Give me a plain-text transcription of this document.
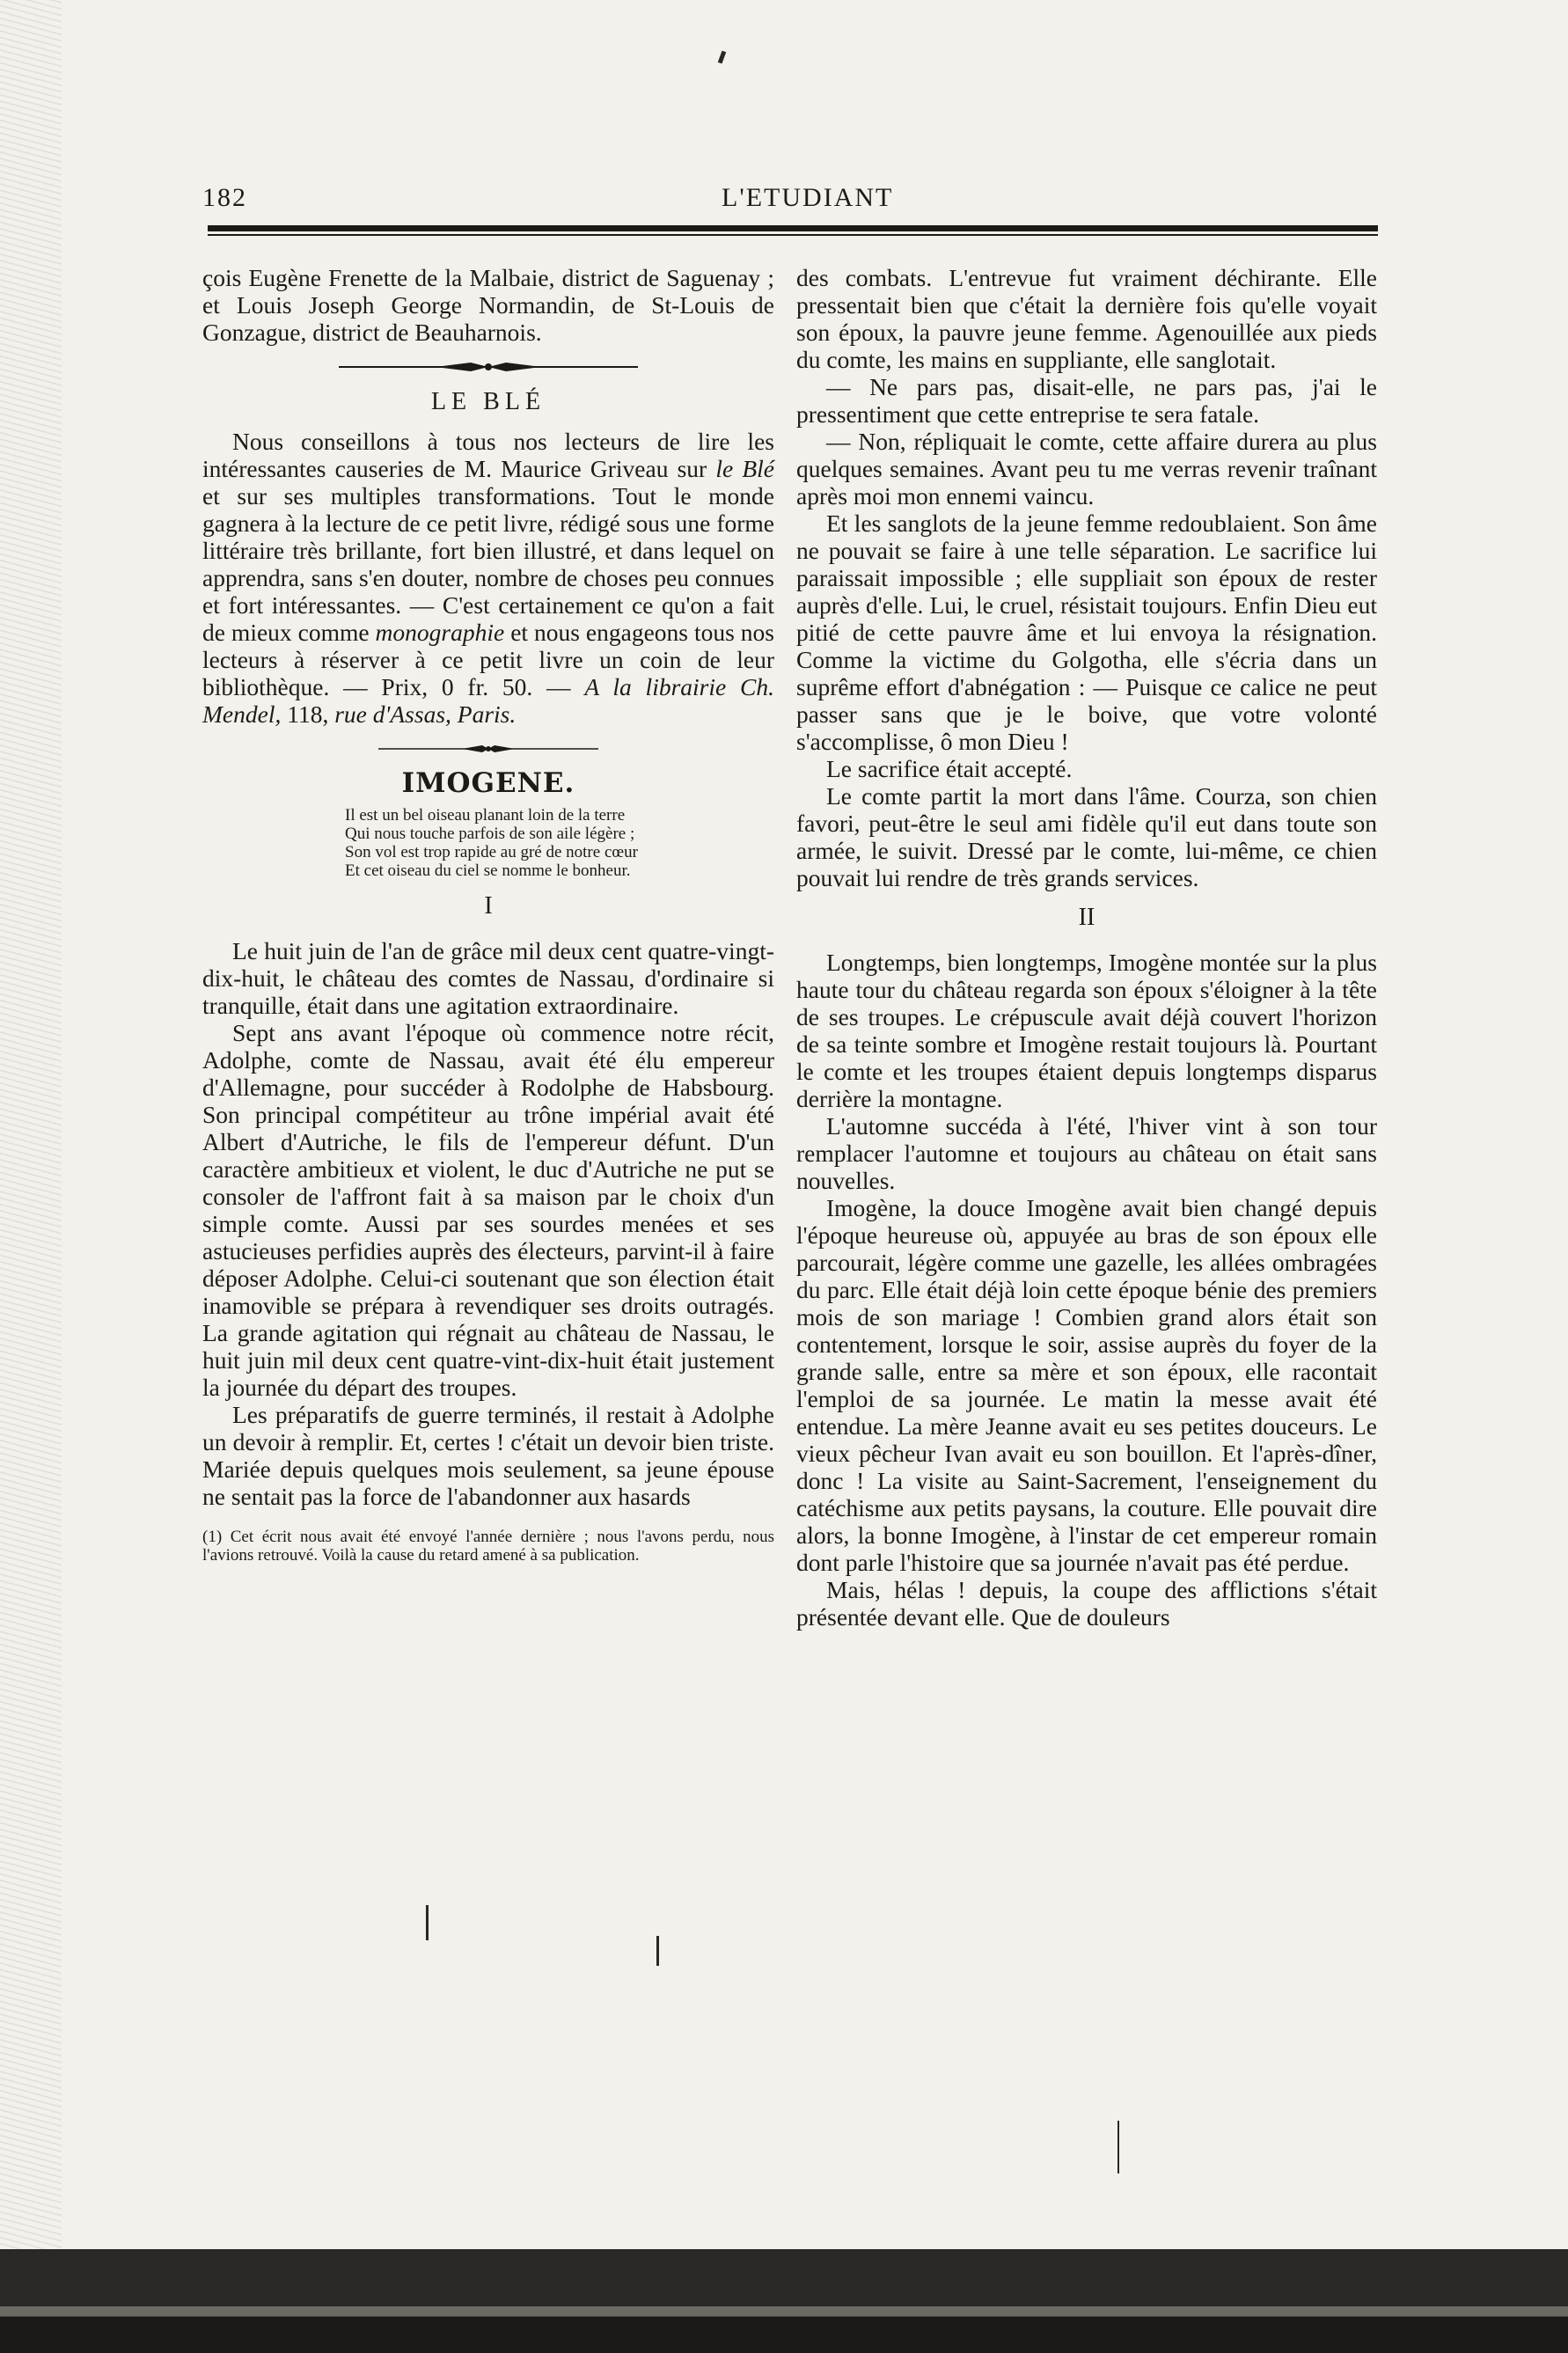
182	L'ETUDIANT

çois Eugène Frenette de la Malbaie, district de Saguenay ; et Louis Joseph George Normandin, de St-Louis de Gonzague, district de Beauharnois.

LE BLÉ

Nous conseillons à tous nos lecteurs de lire les intéressantes causeries de M. Maurice Griveau sur le Blé et sur ses multiples transformations. Tout le monde gagnera à la lecture de ce petit livre, rédigé sous une forme littéraire très brillante, fort bien illustré, et dans lequel on apprendra, sans s'en douter, nombre de choses peu connues et fort intéressantes. — C'est certainement ce qu'on a fait de mieux comme monographie et nous engageons tous nos lecteurs à réserver à ce petit livre un coin de leur bibliothèque. — Prix, 0 fr. 50. — A la librairie Ch. Mendel, 118, rue d'Assas, Paris.

IMOGENE.
Il est un bel oiseau planant loin de la terre
Qui nous touche parfois de son aile légère ;
Son vol est trop rapide au gré de notre cœur
Et cet oiseau du ciel se nomme le bonheur.
I

Le huit juin de l'an de grâce mil deux cent quatre-vingt-dix-huit, le château des comtes de Nassau, d'ordinaire si tranquille, était dans une agitation extraordinaire.

Sept ans avant l'époque où commence notre récit, Adolphe, comte de Nassau, avait été élu empereur d'Allemagne, pour succéder à Rodolphe de Habsbourg. Son principal compétiteur au trône impérial avait été Albert d'Autriche, le fils de l'empereur défunt. D'un caractère ambitieux et violent, le duc d'Autriche ne put se consoler de l'affront fait à sa maison par le choix d'un simple comte. Aussi par ses sourdes menées et ses astucieuses perfidies auprès des électeurs, parvint-il à faire déposer Adolphe. Celui-ci soutenant que son élection était inamovible se prépara à revendiquer ses droits outragés. La grande agitation qui régnait au château de Nassau, le huit juin mil deux cent quatre-vint-dix-huit était justement la journée du départ des troupes.

Les préparatifs de guerre terminés, il restait à Adolphe un devoir à remplir. Et, certes ! c'était un devoir bien triste. Mariée depuis quelques mois seulement, sa jeune épouse ne sentait pas la force de l'abandonner aux hasards

(1) Cet écrit nous avait été envoyé l'année dernière ; nous l'avons perdu, nous l'avions retrouvé. Voilà la cause du retard amené à sa publication.

des combats. L'entrevue fut vraiment déchirante. Elle pressentait bien que c'était la dernière fois qu'elle voyait son époux, la pauvre jeune femme. Agenouillée aux pieds du comte, les mains en suppliante, elle sanglotait.

— Ne pars pas, disait-elle, ne pars pas, j'ai le pressentiment que cette entreprise te sera fatale.

— Non, répliquait le comte, cette affaire durera au plus quelques semaines. Avant peu tu me verras revenir traînant après moi mon ennemi vaincu.

Et les sanglots de la jeune femme redoublaient. Son âme ne pouvait se faire à une telle séparation. Le sacrifice lui paraissait impossible ; elle suppliait son époux de rester auprès d'elle. Lui, le cruel, résistait toujours. Enfin Dieu eut pitié de cette pauvre âme et lui envoya la résignation. Comme la victime du Golgotha, elle s'écria dans un suprême effort d'abnégation : — Puisque ce calice ne peut passer sans que je le boive, que votre volonté s'accomplisse, ô mon Dieu !

Le sacrifice était accepté.

Le comte partit la mort dans l'âme. Courza, son chien favori, peut-être le seul ami fidèle qu'il eut dans toute son armée, le suivit. Dressé par le comte, lui-même, ce chien pouvait lui rendre de très grands services.

II

Longtemps, bien longtemps, Imogène montée sur la plus haute tour du château regarda son époux s'éloigner à la tête de ses troupes. Le crépuscule avait déjà couvert l'horizon de sa teinte sombre et Imogène restait toujours là. Pourtant le comte et les troupes étaient depuis longtemps disparus derrière la montagne.

L'automne succéda à l'été, l'hiver vint à son tour remplacer l'automne et toujours au château on était sans nouvelles.

Imogène, la douce Imogène avait bien changé depuis l'époque heureuse où, appuyée au bras de son époux elle parcourait, légère comme une gazelle, les allées ombragées du parc. Elle était déjà loin cette époque bénie des premiers mois de son mariage ! Combien grand alors était son contentement, lorsque le soir, assise auprès du foyer de la grande salle, entre sa mère et son époux, elle racontait l'emploi de sa journée. Le matin la messe avait été entendue. La mère Jeanne avait eu ses petites douceurs. Le vieux pêcheur Ivan avait eu son bouillon. Et l'après-dîner, donc ! La visite au Saint-Sacrement, l'enseignement du catéchisme aux petits paysans, la couture. Elle pouvait dire alors, la bonne Imogène, à l'instar de cet empereur romain dont parle l'histoire que sa journée n'avait pas été perdue.

Mais, hélas ! depuis, la coupe des afflictions s'était présentée devant elle. Que de douleurs
